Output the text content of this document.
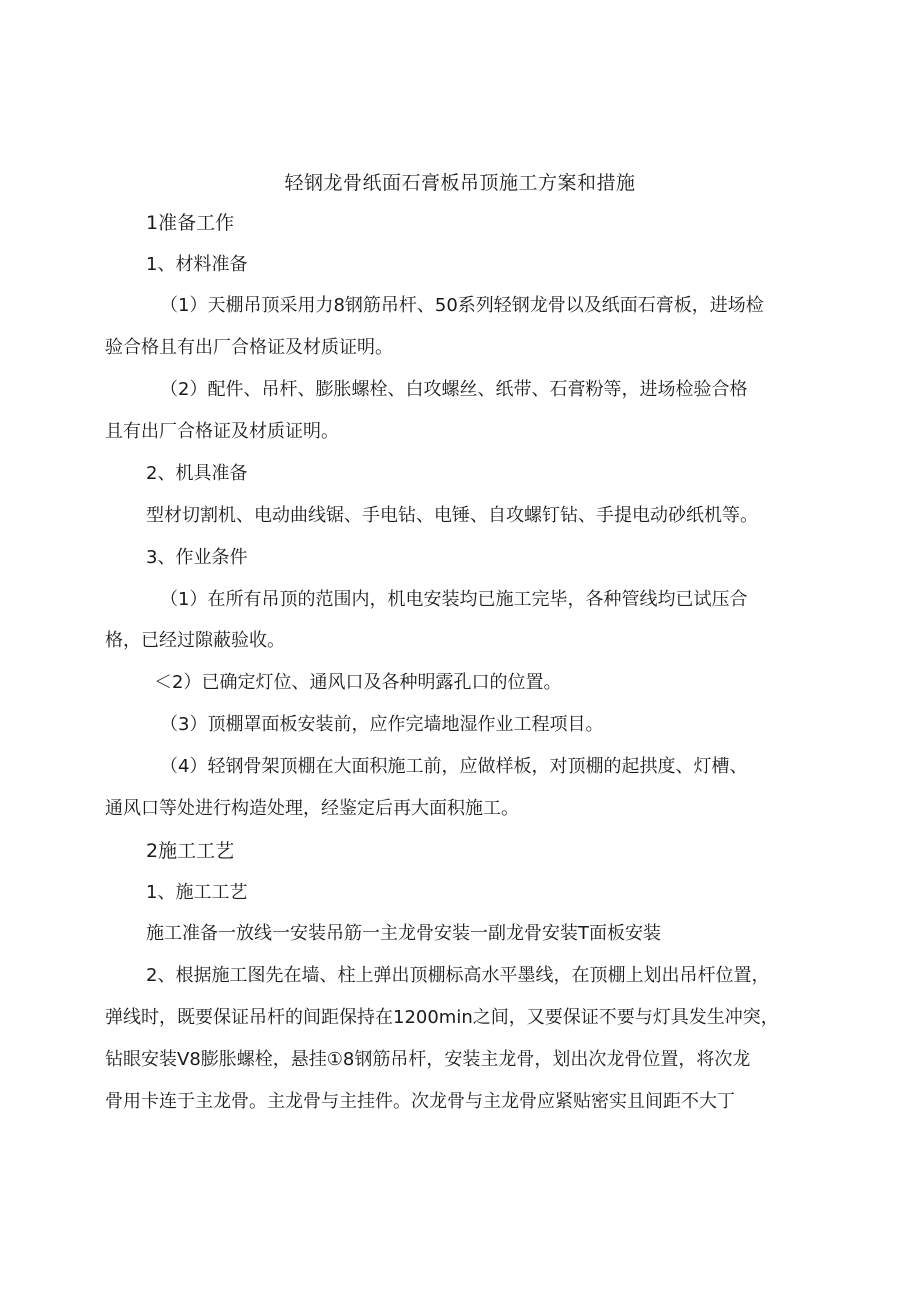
轻钢龙骨纸面石膏板吊顶施工方案和措施
1准备工作
1、材料准备
（1）天棚吊顶采用力8钢筋吊杆、50系列轻钢龙骨以及纸面石膏板，进场检
验合格且有出厂合格证及材质证明。
（2）配件、吊杆、膨胀螺栓、白攻螺丝、纸带、石膏粉等，进场检验合格
且有出厂合格证及材质证明。
2、机具准备
型材切割机、电动曲线锯、手电钻、电锤、自攻螺钉钻、手提电动砂纸机等。
3、作业条件
（1）在所有吊顶的范围内，机电安装均已施工完毕，各种管线均已试压合
格，已经过隙蔽验收。
＜2）已确定灯位、通风口及各种明露孔口的位置。
（3）顶棚罩面板安装前，应作完墙地湿作业工程项目。
（4）轻钢骨架顶棚在大面积施工前，应做样板，对顶棚的起拱度、灯槽、
通风口等处进行构造处理，经鉴定后再大面积施工。
2施工工艺
1、施工工艺
施工准备一放线一安装吊筋一主龙骨安装一副龙骨安装T面板安装
2、根据施工图先在墙、柱上弹出顶棚标高水平墨线，在顶棚上划出吊杆位置，
弹线时，既要保证吊杆的间距保持在1200min之间，又要保证不要与灯具发生冲突，
钻眼安装V8膨胀螺栓，悬挂①8钢筋吊杆，安装主龙骨，划出次龙骨位置，将次龙
骨用卡连于主龙骨。主龙骨与主挂件。次龙骨与主龙骨应紧贴密实且间距不大丁
